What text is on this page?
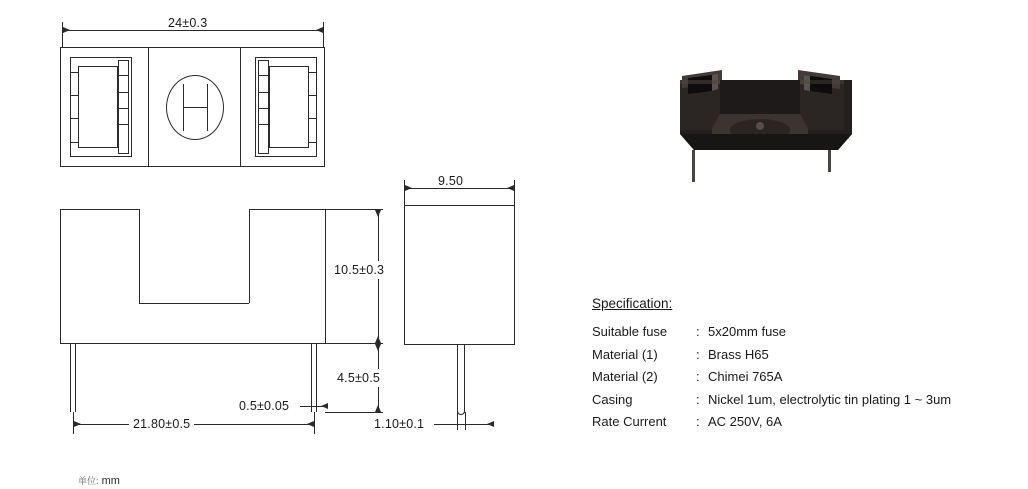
24±0.3
9.50
10.5±0.3
4.5±0.5
0.5±0.05
21.80±0.5	1.10±0.1
Specification:
Suitable fuse	: 5x20mm fuse
Material (1)	: Brass H65
Material (2)	: Chimei 765A
Casing	: Nickel 1um, electrolytic tin plating 1 ~ 3um
Rate Current	: AC 250V, 6A
单位: mm
